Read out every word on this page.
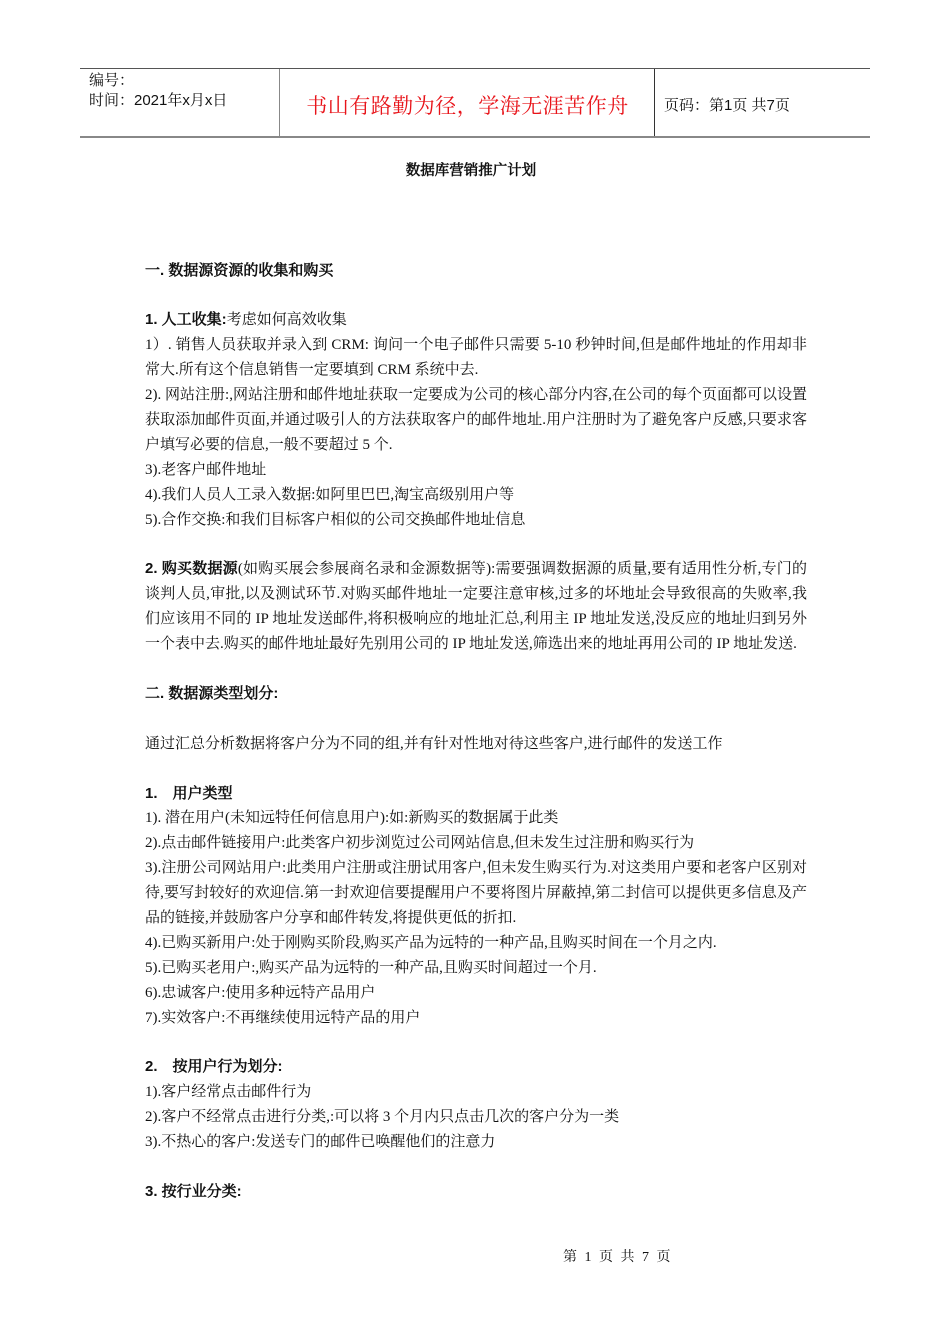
编号：
时间：2021年x月x日	书山有路勤为径，学海无涯苦作舟	页码：第1页 共7页

数据库营销推广计划

一. 数据源资源的收集和购买

1. 人工收集:考虑如何高效收集

1）. 销售人员获取并录入到 CRM: 询问一个电子邮件只需要 5-10 秒钟时间,但是邮件地址的作用却非常大.所有这个信息销售一定要填到 CRM 系统中去.

2). 网站注册:,网站注册和邮件地址获取一定要成为公司的核心部分内容,在公司的每个页面都可以设置获取添加邮件页面,并通过吸引人的方法获取客户的邮件地址.用户注册时为了避免客户反感,只要求客户填写必要的信息,一般不要超过 5 个.

3).老客户邮件地址

4).我们人员人工录入数据:如阿里巴巴,淘宝高级别用户等

5).合作交换:和我们目标客户相似的公司交换邮件地址信息

2. 购买数据源(如购买展会参展商名录和金源数据等):需要强调数据源的质量,要有适用性分析,专门的谈判人员,审批,以及测试环节.对购买邮件地址一定要注意审核,过多的坏地址会导致很高的失败率,我们应该用不同的 IP 地址发送邮件,将积极响应的地址汇总,利用主 IP 地址发送,没反应的地址归到另外一个表中去.购买的邮件地址最好先别用公司的 IP 地址发送,筛选出来的地址再用公司的 IP 地址发送.

二. 数据源类型划分:

通过汇总分析数据将客户分为不同的组,并有针对性地对待这些客户,进行邮件的发送工作

1.　用户类型

1). 潜在用户(未知远特任何信息用户):如:新购买的数据属于此类

2).点击邮件链接用户:此类客户初步浏览过公司网站信息,但未发生过注册和购买行为

3).注册公司网站用户:此类用户注册或注册试用客户,但未发生购买行为.对这类用户要和老客户区别对待,要写封较好的欢迎信.第一封欢迎信要提醒用户不要将图片屏蔽掉,第二封信可以提供更多信息及产品的链接,并鼓励客户分享和邮件转发,将提供更低的折扣.

4).已购买新用户:处于刚购买阶段,购买产品为远特的一种产品,且购买时间在一个月之内.

5).已购买老用户:,购买产品为远特的一种产品,且购买时间超过一个月.

6).忠诚客户:使用多种远特产品用户

7).实效客户:不再继续使用远特产品的用户

2.　按用户行为划分:

1).客户经常点击邮件行为

2).客户不经常点击进行分类,:可以将 3 个月内只点击几次的客户分为一类

3).不热心的客户:发送专门的邮件已唤醒他们的注意力

3. 按行业分类:

第 1 页 共 7 页
